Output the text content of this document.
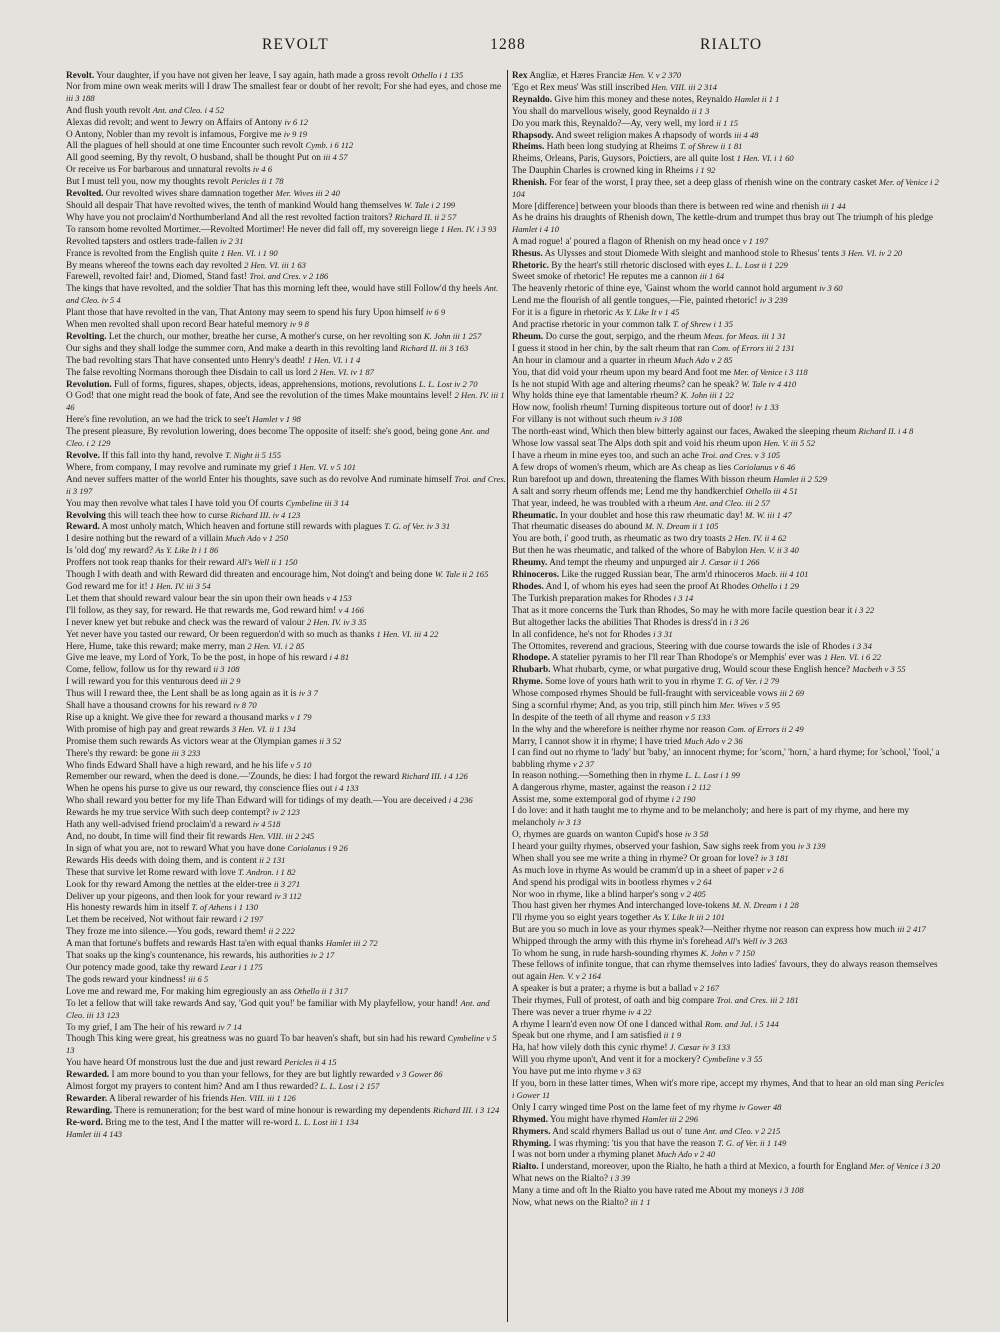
REVOLT	1288	RIALTO

Revolt. Your daughter, if you have not given her leave, I say again, hath made a gross revolt Othello i 1 135

Nor from mine own weak merits will I draw The smallest fear or doubt of her revolt; For she had eyes, and chose me iii 3 188

And flush youth revolt Ant. and Cleo. i 4 52

Alexas did revolt; and went to Jewry on Affairs of Antony iv 6 12

O Antony, Nobler than my revolt is infamous, Forgive me iv 9 19

All the plagues of hell should at one time Encounter such revolt Cymb. i 6 112

All good seeming, By thy revolt, O husband, shall be thought Put on iii 4 57

Or receive us For barbarous and unnatural revolts iv 4 6

But I must tell you, now my thoughts revolt Pericles ii 1 78

Revolted. Our revolted wives share damnation together Mer. Wives iii 2 40

Should all despair That have revolted wives, the tenth of mankind Would hang themselves W. Tale i 2 199

Why have you not proclaim'd Northumberland And all the rest revolted faction traitors? Richard II. ii 2 57

To ransom home revolted Mortimer.—Revolted Mortimer! He never did fall off, my sovereign liege 1 Hen. IV. i 3 93

Revolted tapsters and ostlers trade-fallen iv 2 31

France is revolted from the English quite 1 Hen. VI. i 1 90

By means whereof the towns each day revolted 2 Hen. VI. iii 1 63

Farewell, revolted fair! and, Diomed, Stand fast! Troi. and Cres. v 2 186

The kings that have revolted, and the soldier That has this morning left thee, would have still Follow'd thy heels Ant. and Cleo. iv 5 4

Plant those that have revolted in the van, That Antony may seem to spend his fury Upon himself iv 6 9

When men revolted shall upon record Bear hateful memory iv 9 8

Revolting. Let the church, our mother, breathe her curse, A mother's curse, on her revolting son K. John iii 1 257

Our sighs and they shall lodge the summer corn, And make a dearth in this revolting land Richard II. iii 3 163

The bad revolting stars That have consented unto Henry's death! 1 Hen. VI. i 1 4

The false revolting Normans thorough thee Disdain to call us lord 2 Hen. VI. iv 1 87

Revolution. Full of forms, figures, shapes, objects, ideas, apprehensions, motions, revolutions L. L. Lost iv 2 70

O God! that one might read the book of fate, And see the revolution of the times Make mountains level! 2 Hen. IV. iii 1 46

Here's fine revolution, an we had the trick to see't Hamlet v 1 98

The present pleasure, By revolution lowering, does become The opposite of itself: she's good, being gone Ant. and Cleo. i 2 129

Revolve. If this fall into thy hand, revolve T. Night ii 5 155

Where, from company, I may revolve and ruminate my grief 1 Hen. VI. v 5 101

And never suffers matter of the world Enter his thoughts, save such as do revolve And ruminate himself Troi. and Cres. ii 3 197

You may then revolve what tales I have told you Of courts Cymbeline iii 3 14

Revolving this will teach thee how to curse Richard III. iv 4 123

Reward. A most unholy match, Which heaven and fortune still rewards with plagues T. G. of Ver. iv 3 31

I desire nothing but the reward of a villain Much Ado v 1 250

Is 'old dog' my reward? As Y. Like It i 1 86

Proffers not took reap thanks for their reward All's Well ii 1 150

Though I with death and with Reward did threaten and encourage him, Not doing't and being done W. Tale ii 2 165

God reward me for it! 1 Hen. IV. iii 3 54

Let them that should reward valour bear the sin upon their own heads v 4 153

I'll follow, as they say, for reward. He that rewards me, God reward him! v 4 166

I never knew yet but rebuke and check was the reward of valour 2 Hen. IV. iv 3 35

Yet never have you tasted our reward, Or been reguerdon'd with so much as thanks 1 Hen. VI. iii 4 22

Here, Hume, take this reward; make merry, man 2 Hen. VI. i 2 85

Give me leave, my Lord of York, To be the post, in hope of his reward i 4 81

Come, fellow, follow us for thy reward ii 3 108

I will reward you for this venturous deed iii 2 9

Thus will I reward thee, the Lent shall be as long again as it is iv 3 7

Shall have a thousand crowns for his reward iv 8 70

Rise up a knight. We give thee for reward a thousand marks v 1 79

With promise of high pay and great rewards 3 Hen. VI. ii 1 134

Promise them such rewards As victors wear at the Olympian games ii 3 52

There's thy reward: be gone iii 3 233

Who finds Edward Shall have a high reward, and he his life v 5 10

Remember our reward, when the deed is done.—'Zounds, he dies: I had forgot the reward Richard III. i 4 126

When he opens his purse to give us our reward, thy conscience flies out i 4 133

Who shall reward you better for my life Than Edward will for tidings of my death.—You are deceived i 4 236

Rewards he my true service With such deep contempt? iv 2 123

Hath any well-advised friend proclaim'd a reward iv 4 518

And, no doubt, In time will find their fit rewards Hen. VIII. iii 2 245

In sign of what you are, not to reward What you have done Coriolanus i 9 26

Rewards His deeds with doing them, and is content ii 2 131

These that survive let Rome reward with love T. Andron. i 1 82

Look for thy reward Among the nettles at the elder-tree ii 3 271

Deliver up your pigeons, and then look for your reward iv 3 112

His honesty rewards him in itself T. of Athens i 1 130

Let them be received, Not without fair reward i 2 197

They froze me into silence.—You gods, reward them! ii 2 222

A man that fortune's buffets and rewards Hast ta'en with equal thanks Hamlet iii 2 72

That soaks up the king's countenance, his rewards, his authorities iv 2 17

Our potency made good, take thy reward Lear i 1 175

The gods reward your kindness! iii 6 5

Love me and reward me, For making him egregiously an ass Othello ii 1 317

To let a fellow that will take rewards And say, 'God quit you!' be familiar with My playfellow, your hand! Ant. and Cleo. iii 13 123

To my grief, I am The heir of his reward iv 7 14

Though This king were great, his greatness was no guard To bar heaven's shaft, but sin had his reward Cymbeline v 5 13

You have heard Of monstrous lust the due and just reward Pericles ii 4 15

Rewarded. I am more bound to you than your fellows, for they are but lightly rewarded v 3 Gower 86

Almost forgot my prayers to content him? And am I thus rewarded? L. L. Lost i 2 157

Rewarder. A liberal rewarder of his friends Hen. VIII. iii 1 126

Rewarding. There is remuneration; for the best ward of mine honour is rewarding my dependents Richard III. i 3 124

Re-word. Bring me to the test, And I the matter will re-word L. L. Lost iii 1 134

Hamlet iii 4 143

Rex Angliæ, et Hæres Franciæ Hen. V. v 2 370

'Ego et Rex meus' Was still inscribed Hen. VIII. iii 2 314

Reynaldo. Give him this money and these notes, Reynaldo Hamlet ii 1 1

You shall do marvellous wisely, good Reynaldo ii 1 3

Do you mark this, Reynaldo?—Ay, very well, my lord ii 1 15

Rhapsody. And sweet religion makes A rhapsody of words iii 4 48

Rheims. Hath been long studying at Rheims T. of Shrew ii 1 81

Rheims, Orleans, Paris, Guysors, Poictiers, are all quite lost 1 Hen. VI. i 1 60

The Dauphin Charles is crowned king in Rheims i 1 92

Rhenish. For fear of the worst, I pray thee, set a deep glass of rhenish wine on the contrary casket Mer. of Venice i 2 104

More [difference] between your bloods than there is between red wine and rhenish iii 1 44

As he drains his draughts of Rhenish down, The kettle-drum and trumpet thus bray out The triumph of his pledge Hamlet i 4 10

A mad rogue! a' poured a flagon of Rhenish on my head once v 1 197

Rhesus. As Ulysses and stout Diomede With sleight and manhood stole to Rhesus' tents 3 Hen. VI. iv 2 20

Rhetoric. By the heart's still rhetoric disclosed with eyes L. L. Lost ii 1 229

Sweet smoke of rhetoric! He reputes me a cannon iii 1 64

The heavenly rhetoric of thine eye, 'Gainst whom the world cannot hold argument iv 3 60

Lend me the flourish of all gentle tongues,—Fie, painted rhetoric! iv 3 239

For it is a figure in rhetoric As Y. Like It v 1 45

And practise rhetoric in your common talk T. of Shrew i 1 35

Rheum. Do curse the gout, serpigo, and the rheum Meas. for Meas. iii 1 31

I guess it stood in her chin, by the salt rheum that ran Com. of Errors iii 2 131

An hour in clamour and a quarter in rheum Much Ado v 2 85

You, that did void your rheum upon my beard And foot me Mer. of Venice i 3 118

Is he not stupid With age and altering rheums? can he speak? W. Tale iv 4 410

Why holds thine eye that lamentable rheum? K. John iii 1 22

How now, foolish rheum! Turning dispiteous torture out of door! iv 1 33

For villany is not without such rheum iv 3 108

The north-east wind, Which then blew bitterly against our faces, Awaked the sleeping rheum Richard II. i 4 8

Whose low vassal seat The Alps doth spit and void his rheum upon Hen. V. iii 5 52

I have a rheum in mine eyes too, and such an ache Troi. and Cres. v 3 105

A few drops of women's rheum, which are As cheap as lies Coriolanus v 6 46

Run barefoot up and down, threatening the flames With bisson rheum Hamlet ii 2 529

A salt and sorry rheum offends me; Lend me thy handkerchief Othello iii 4 51

That year, indeed, he was troubled with a rheum Ant. and Cleo. iii 2 57

Rheumatic. In your doublet and hose this raw rheumatic day! M. W. iii 1 47

That rheumatic diseases do abound M. N. Dream ii 1 105

You are both, i' good truth, as rheumatic as two dry toasts 2 Hen. IV. ii 4 62

But then he was rheumatic, and talked of the whore of Babylon Hen. V. ii 3 40

Rheumy. And tempt the rheumy and unpurged air J. Cæsar ii 1 266

Rhinoceros. Like the rugged Russian bear, The arm'd rhinoceros Macb. iii 4 101

Rhodes. And I, of whom his eyes had seen the proof At Rhodes Othello i 1 29

The Turkish preparation makes for Rhodes i 3 14

That as it more concerns the Turk than Rhodes, So may he with more facile question bear it i 3 22

But altogether lacks the abilities That Rhodes is dress'd in i 3 26

In all confidence, he's not for Rhodes i 3 31

The Ottomites, reverend and gracious, Steering with due course towards the isle of Rhodes i 3 34

Rhodope. A statelier pyramis to her I'll rear Than Rhodope's or Memphis' ever was 1 Hen. VI. i 6 22

Rhubarb. What rhubarb, cyme, or what purgative drug, Would scour these English hence? Macbeth v 3 55

Rhyme. Some love of yours hath writ to you in rhyme T. G. of Ver. i 2 79

Whose composed rhymes Should be full-fraught with serviceable vows iii 2 69

Sing a scornful rhyme; And, as you trip, still pinch him Mer. Wives v 5 95

In despite of the teeth of all rhyme and reason v 5 133

In the why and the wherefore is neither rhyme nor reason Com. of Errors ii 2 49

Marry, I cannot show it in rhyme; I have tried Much Ado v 2 36

I can find out no rhyme to 'lady' but 'baby,' an innocent rhyme; for 'scorn,' 'horn,' a hard rhyme; for 'school,' 'fool,' a babbling rhyme v 2 37

In reason nothing.—Something then in rhyme L. L. Lost i 1 99

A dangerous rhyme, master, against the reason i 2 112

Assist me, some extemporal god of rhyme i 2 190

I do love: and it hath taught me to rhyme and to be melancholy; and here is part of my rhyme, and here my melancholy iv 3 13

O, rhymes are guards on wanton Cupid's hose iv 3 58

I heard your guilty rhymes, observed your fashion, Saw sighs reek from you iv 3 139

When shall you see me write a thing in rhyme? Or groan for love? iv 3 181

As much love in rhyme As would be cramm'd up in a sheet of paper v 2 6

And spend his prodigal wits in bootless rhymes v 2 64

Nor woo in rhyme, like a blind harper's song v 2 405

Thou hast given her rhymes And interchanged love-tokens M. N. Dream i 1 28

I'll rhyme you so eight years together As Y. Like It iii 2 101

But are you so much in love as your rhymes speak?—Neither rhyme nor reason can express how much iii 2 417

Whipped through the army with this rhyme in's forehead All's Well iv 3 263

To whom he sung, in rude harsh-sounding rhymes K. John v 7 150

These fellows of infinite tongue, that can rhyme themselves into ladies' favours, they do always reason themselves out again Hen. V. v 2 164

A speaker is but a prater; a rhyme is but a ballad v 2 167

Their rhymes, Full of protest, of oath and big compare Troi. and Cres. iii 2 181

There was never a truer rhyme iv 4 22

A rhyme I learn'd even now Of one I danced withal Rom. and Jul. i 5 144

Speak but one rhyme, and I am satisfied ii 1 9

Ha, ha! how vilely doth this cynic rhyme! J. Cæsar iv 3 133

Will you rhyme upon't, And vent it for a mockery? Cymbeline v 3 55

You have put me into rhyme v 3 63

If you, born in these latter times, When wit's more ripe, accept my rhymes, And that to hear an old man sing Pericles i Gower 11

Only I carry winged time Post on the lame feet of my rhyme iv Gower 48

Rhymed. You might have rhymed Hamlet iii 2 296

Rhymers. And scald rhymers Ballad us out o' tune Ant. and Cleo. v 2 215

Rhyming. I was rhyming: 'tis you that have the reason T. G. of Ver. ii 1 149

I was not born under a rhyming planet Much Ado v 2 40

Rialto. I understand, moreover, upon the Rialto, he hath a third at Mexico, a fourth for England Mer. of Venice i 3 20

What news on the Rialto? i 3 39

Many a time and oft In the Rialto you have rated me About my moneys i 3 108

Now, what news on the Rialto? iii 1 1
